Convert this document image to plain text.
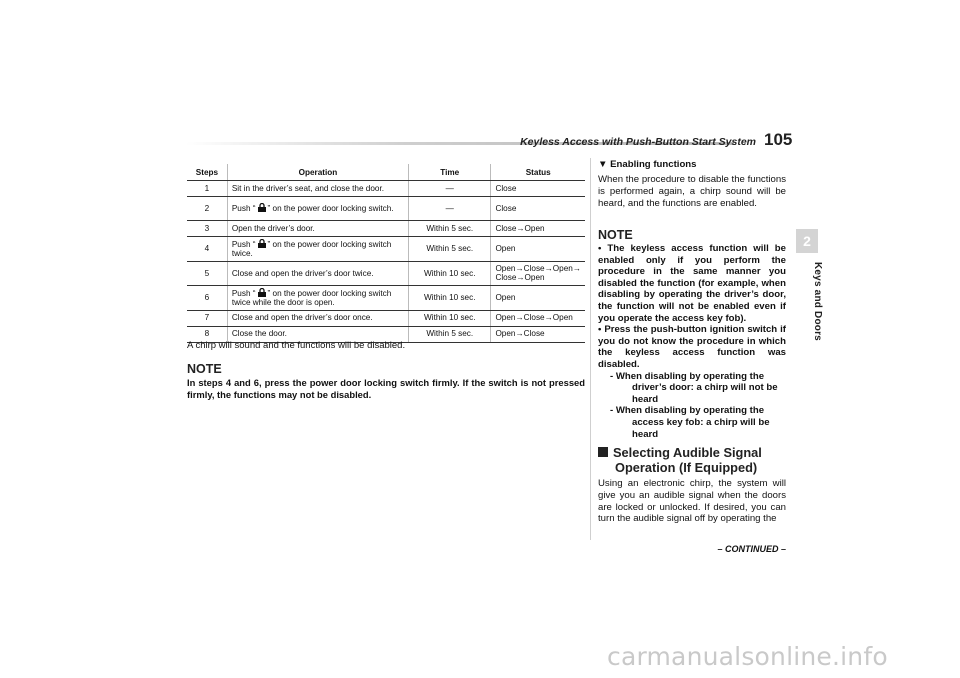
Keyless Access with Push-Button Start System 105
2
Keys and Doors
Steps	Operation	Time	Status
1	Sit in the driver’s seat, and close the door.	—	Close
2	Push “ ” on the power door locking switch.	—	Close
3	Open the driver’s door.	Within 5 sec.	Close→Open
4	Push “ ” on the power door locking switch twice.	Within 5 sec.	Open
5	Close and open the driver’s door twice.	Within 10 sec.	Open→Close→Open→ Close→Open
6	Push “ ” on the power door locking switch twice while the door is open.	Within 10 sec.	Open
7	Close and open the driver’s door once.	Within 10 sec.	Open→Close→Open
8	Close the door.	Within 5 sec.	Open→Close
A chirp will sound and the functions will be disabled.
NOTE
In steps 4 and 6, press the power door locking switch firmly. If the switch is not pressed firmly, the functions may not be disabled.
▼ Enabling functions
When the procedure to disable the functions is performed again, a chirp sound will be heard, and the functions are enabled.
NOTE

• The keyless access function will be enabled only if you perform the procedure in the same manner you disabled the function (for example, when disabling by operating the driver’s door, the function will not be enabled even if you operate the access key fob).

• Press the push-button ignition switch if you do not know the procedure in which the keyless access function was disabled.

- When disabling by operating the driver’s door: a chirp will not be heard

- When disabling by operating the access key fob: a chirp will be heard

Selecting Audible Signal
Operation (If Equipped)
Using an electronic chirp, the system will give you an audible signal when the doors are locked or unlocked. If desired, you can turn the audible signal off by operating the
– CONTINUED –
carmanualsonline.info
